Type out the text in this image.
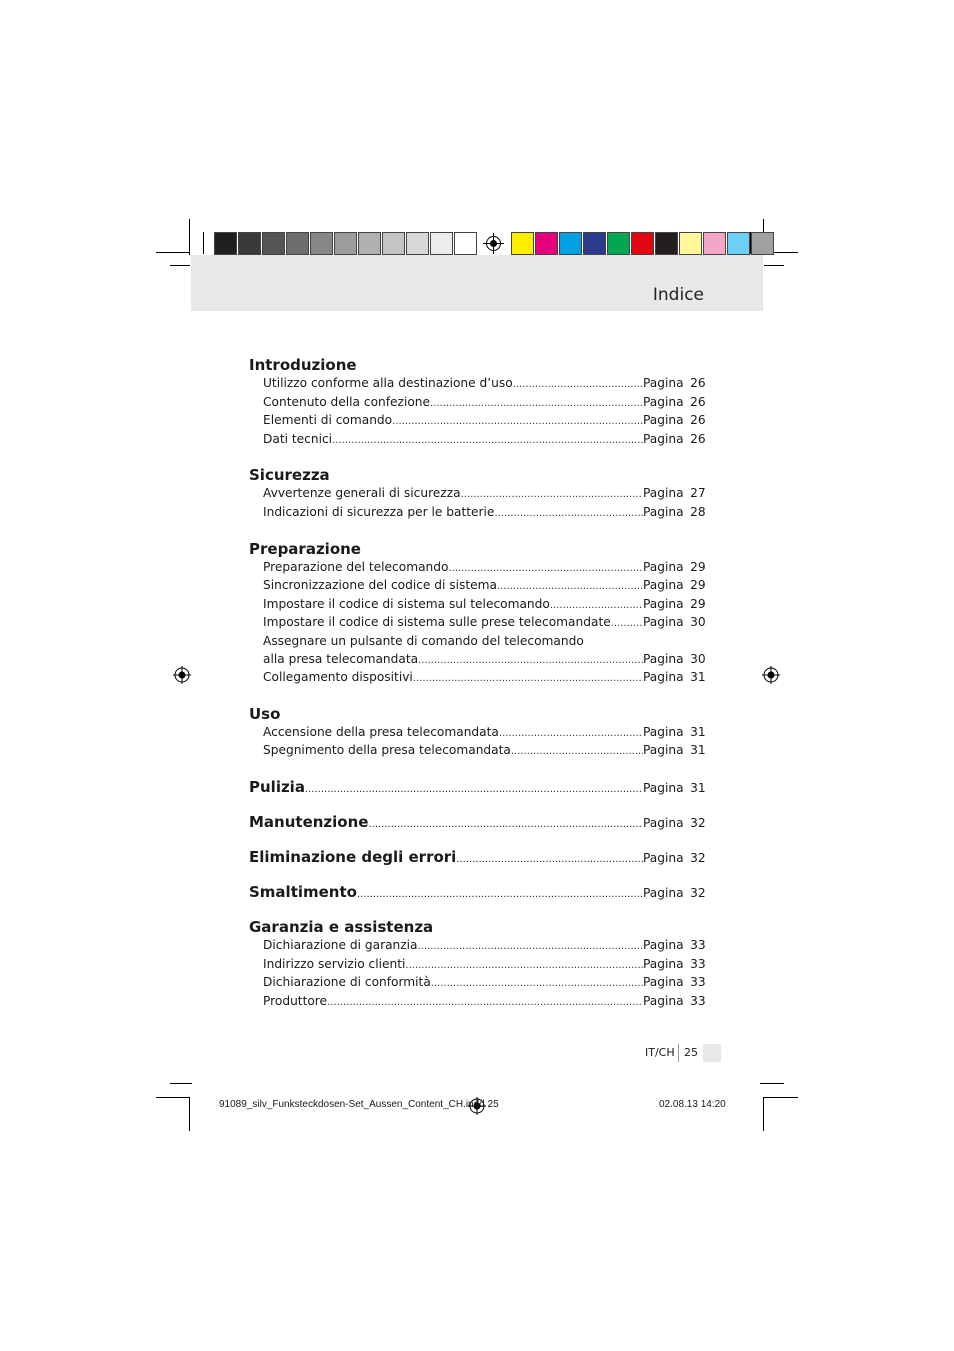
Indice
Introduzione
Utilizzo conforme alla destinazione d’uso .....	Pagina 26
Contenuto della confezione .....	Pagina 26
Elementi di comando .....	Pagina 26
Dati tecnici .....	Pagina 26
Sicurezza
Avvertenze generali di sicurezza .....	Pagina 27
Indicazioni di sicurezza per le batterie .....	Pagina 28
Preparazione
Preparazione del telecomando .....	Pagina 29
Sincronizzazione del codice di sistema .....	Pagina 29
Impostare il codice di sistema sul telecomando .....	Pagina 29
Impostare il codice di sistema sulle prese telecomandate .....	Pagina 30
Assegnare un pulsante di comando del telecomando
alla presa telecomandata .....	Pagina 30
Collegamento dispositivi .....	Pagina 31
Uso
Accensione della presa telecomandata .....	Pagina 31
Spegnimento della presa telecomandata .....	Pagina 31
Pulizia .....	Pagina 31
Manutenzione .....	Pagina 32
Eliminazione degli errori .....	Pagina 32
Smaltimento .....	Pagina 32
Garanzia e assistenza
Dichiarazione di garanzia .....	Pagina 33
Indirizzo servizio clienti .....	Pagina 33
Dichiarazione di conformità .....	Pagina 33
Produttore .....	Pagina 33
IT/CH 25
91089_silv_Funksteckdosen-Set_Aussen_Content_CH.indd 25	02.08.13 14:20
